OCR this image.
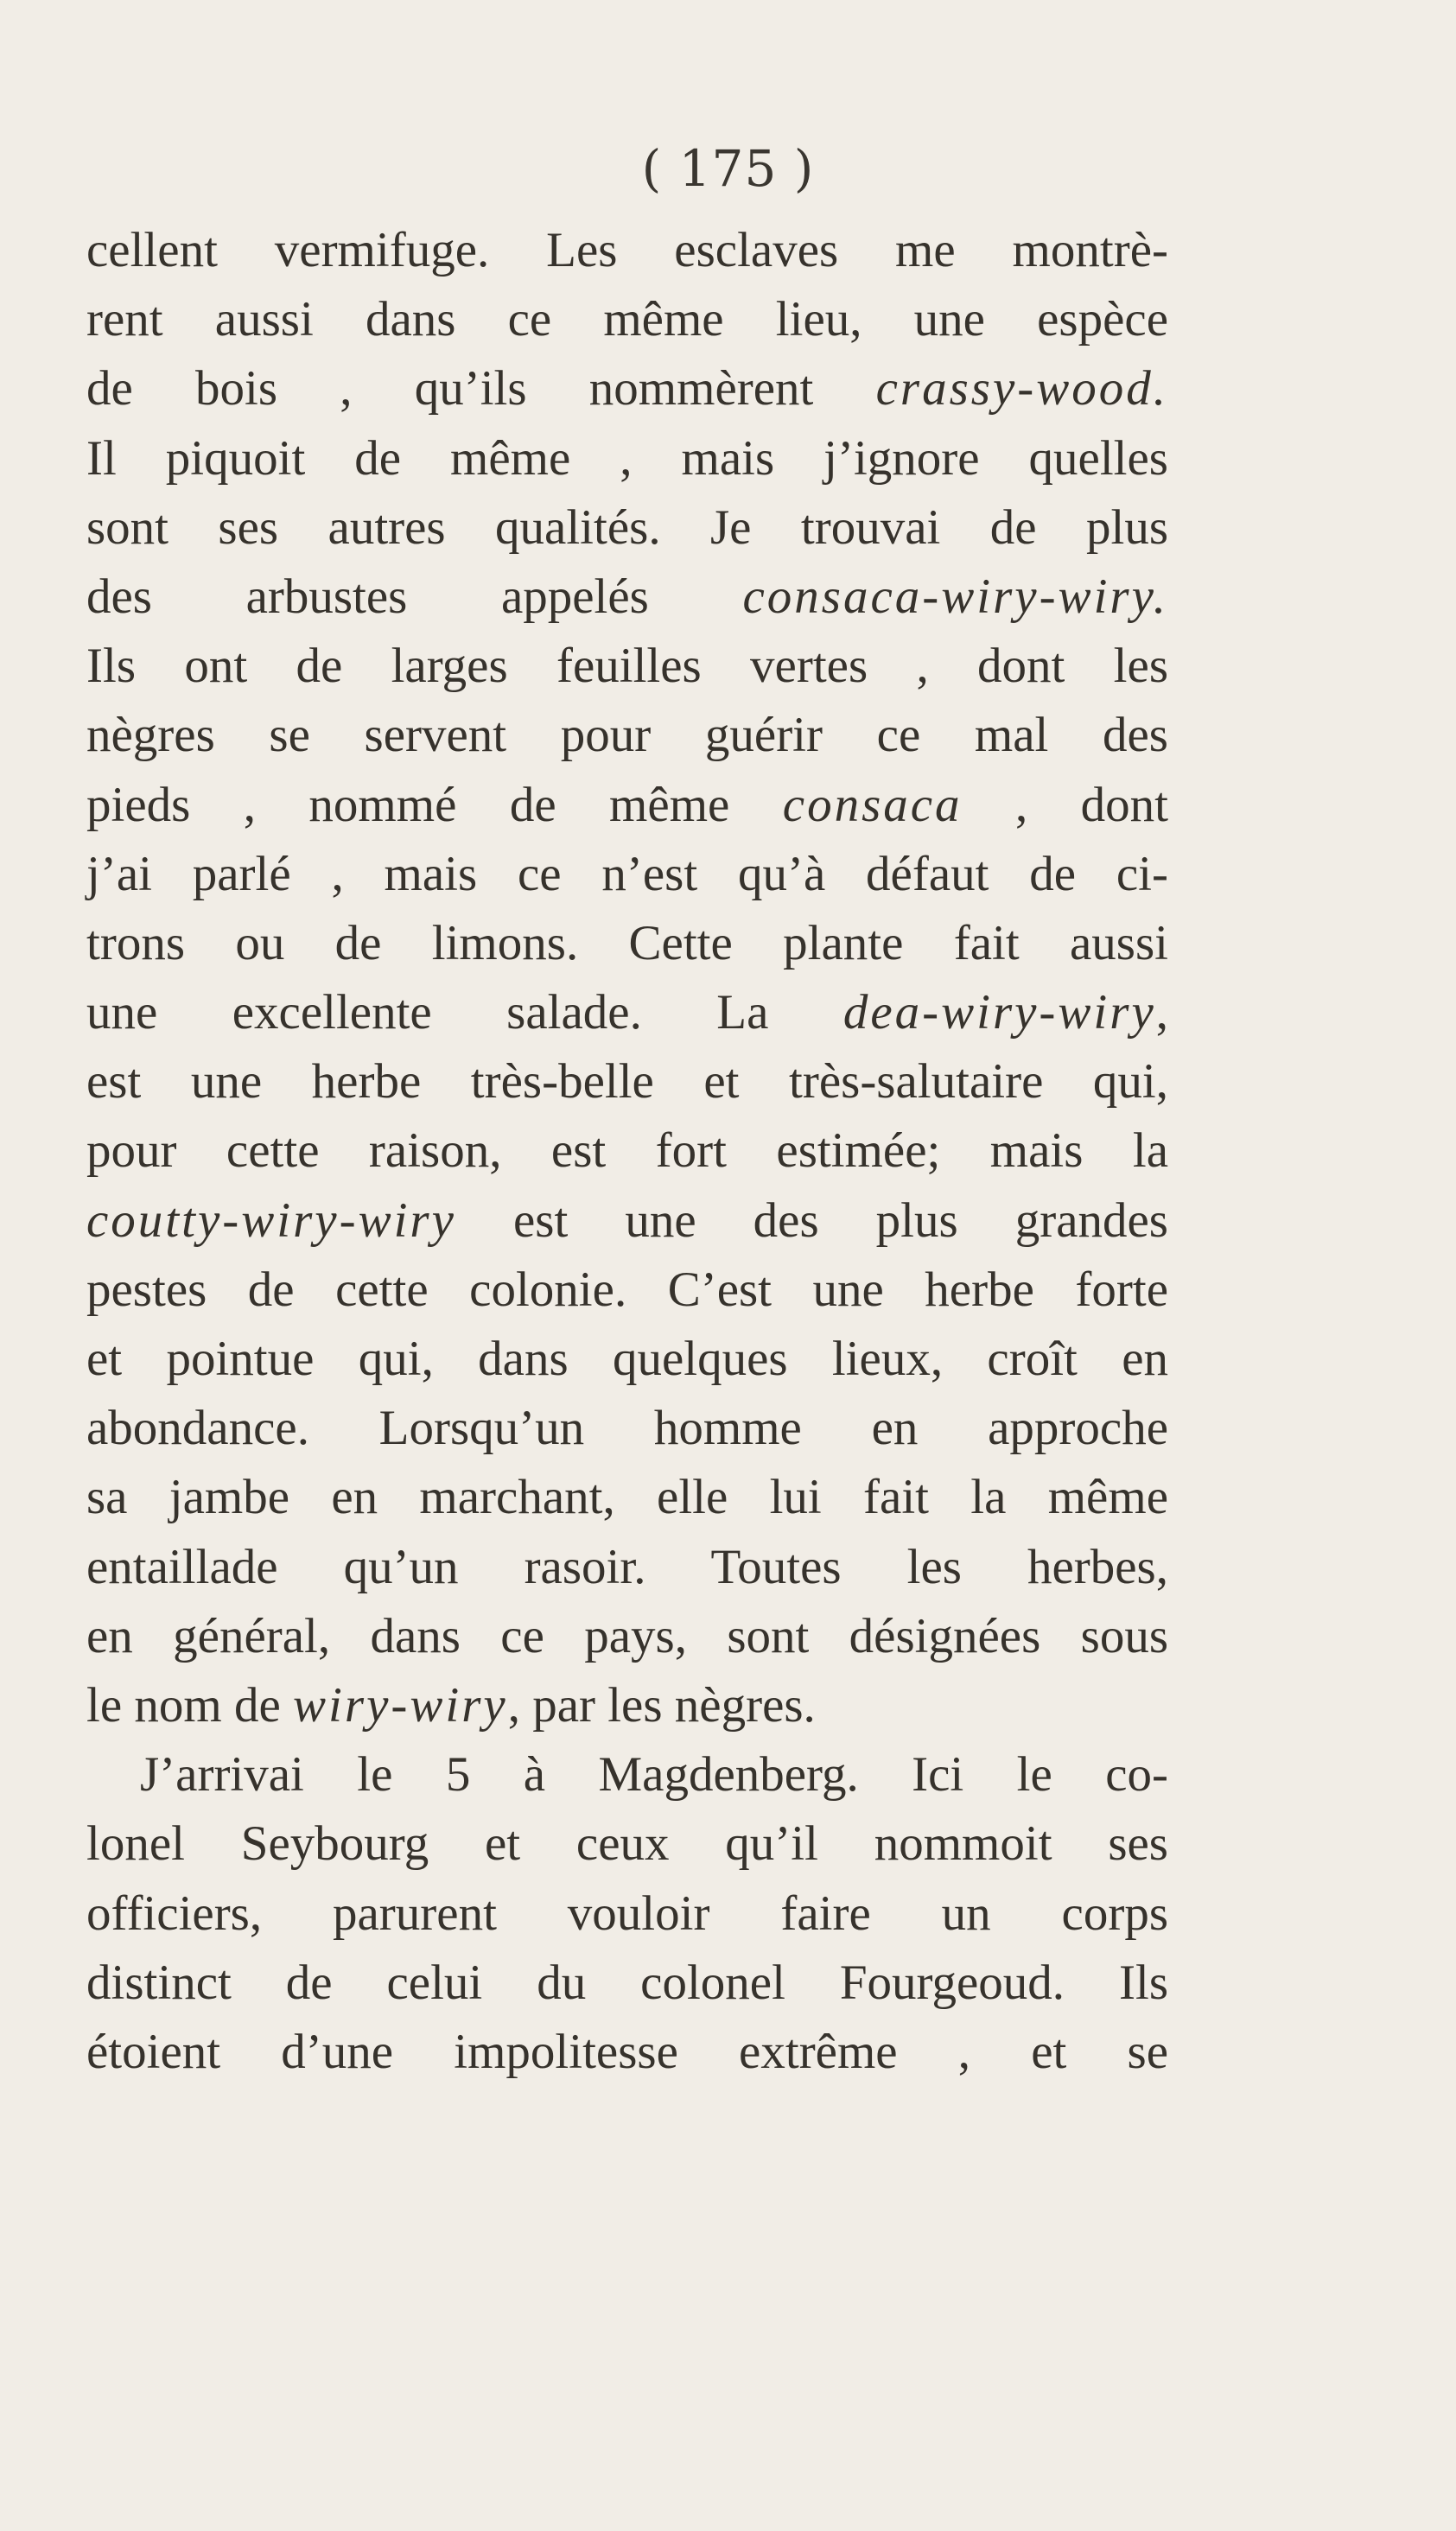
( 175 )
cellent vermifuge. Les esclaves me montrè-
rent aussi dans ce même lieu, une espèce
de bois , qu’ils nommèrent crassy-wood.
Il piquoit de même , mais j’ignore quelles
sont ses autres qualités. Je trouvai de plus
des arbustes appelés consaca-wiry-wiry.
Ils ont de larges feuilles vertes , dont les
nègres se servent pour guérir ce mal des
pieds , nommé de même consaca , dont
j’ai parlé , mais ce n’est qu’à défaut de ci-
trons ou de limons. Cette plante fait aussi
une excellente salade. La dea-wiry-wiry,
est une herbe très-belle et très-salutaire qui,
pour cette raison, est fort estimée; mais la
coutty-wiry-wiry est une des plus grandes
pestes de cette colonie. C’est une herbe forte
et pointue qui, dans quelques lieux, croît en
abondance. Lorsqu’un homme en approche
sa jambe en marchant, elle lui fait la même
entaillade qu’un rasoir. Toutes les herbes,
en général, dans ce pays, sont désignées sous
le nom de wiry-wiry, par les nègres.
J’arrivai le 5 à Magdenberg. Ici le co-
lonel Seybourg et ceux qu’il nommoit ses
officiers, parurent vouloir faire un corps
distinct de celui du colonel Fourgeoud. Ils
étoient d’une impolitesse extrême , et se
